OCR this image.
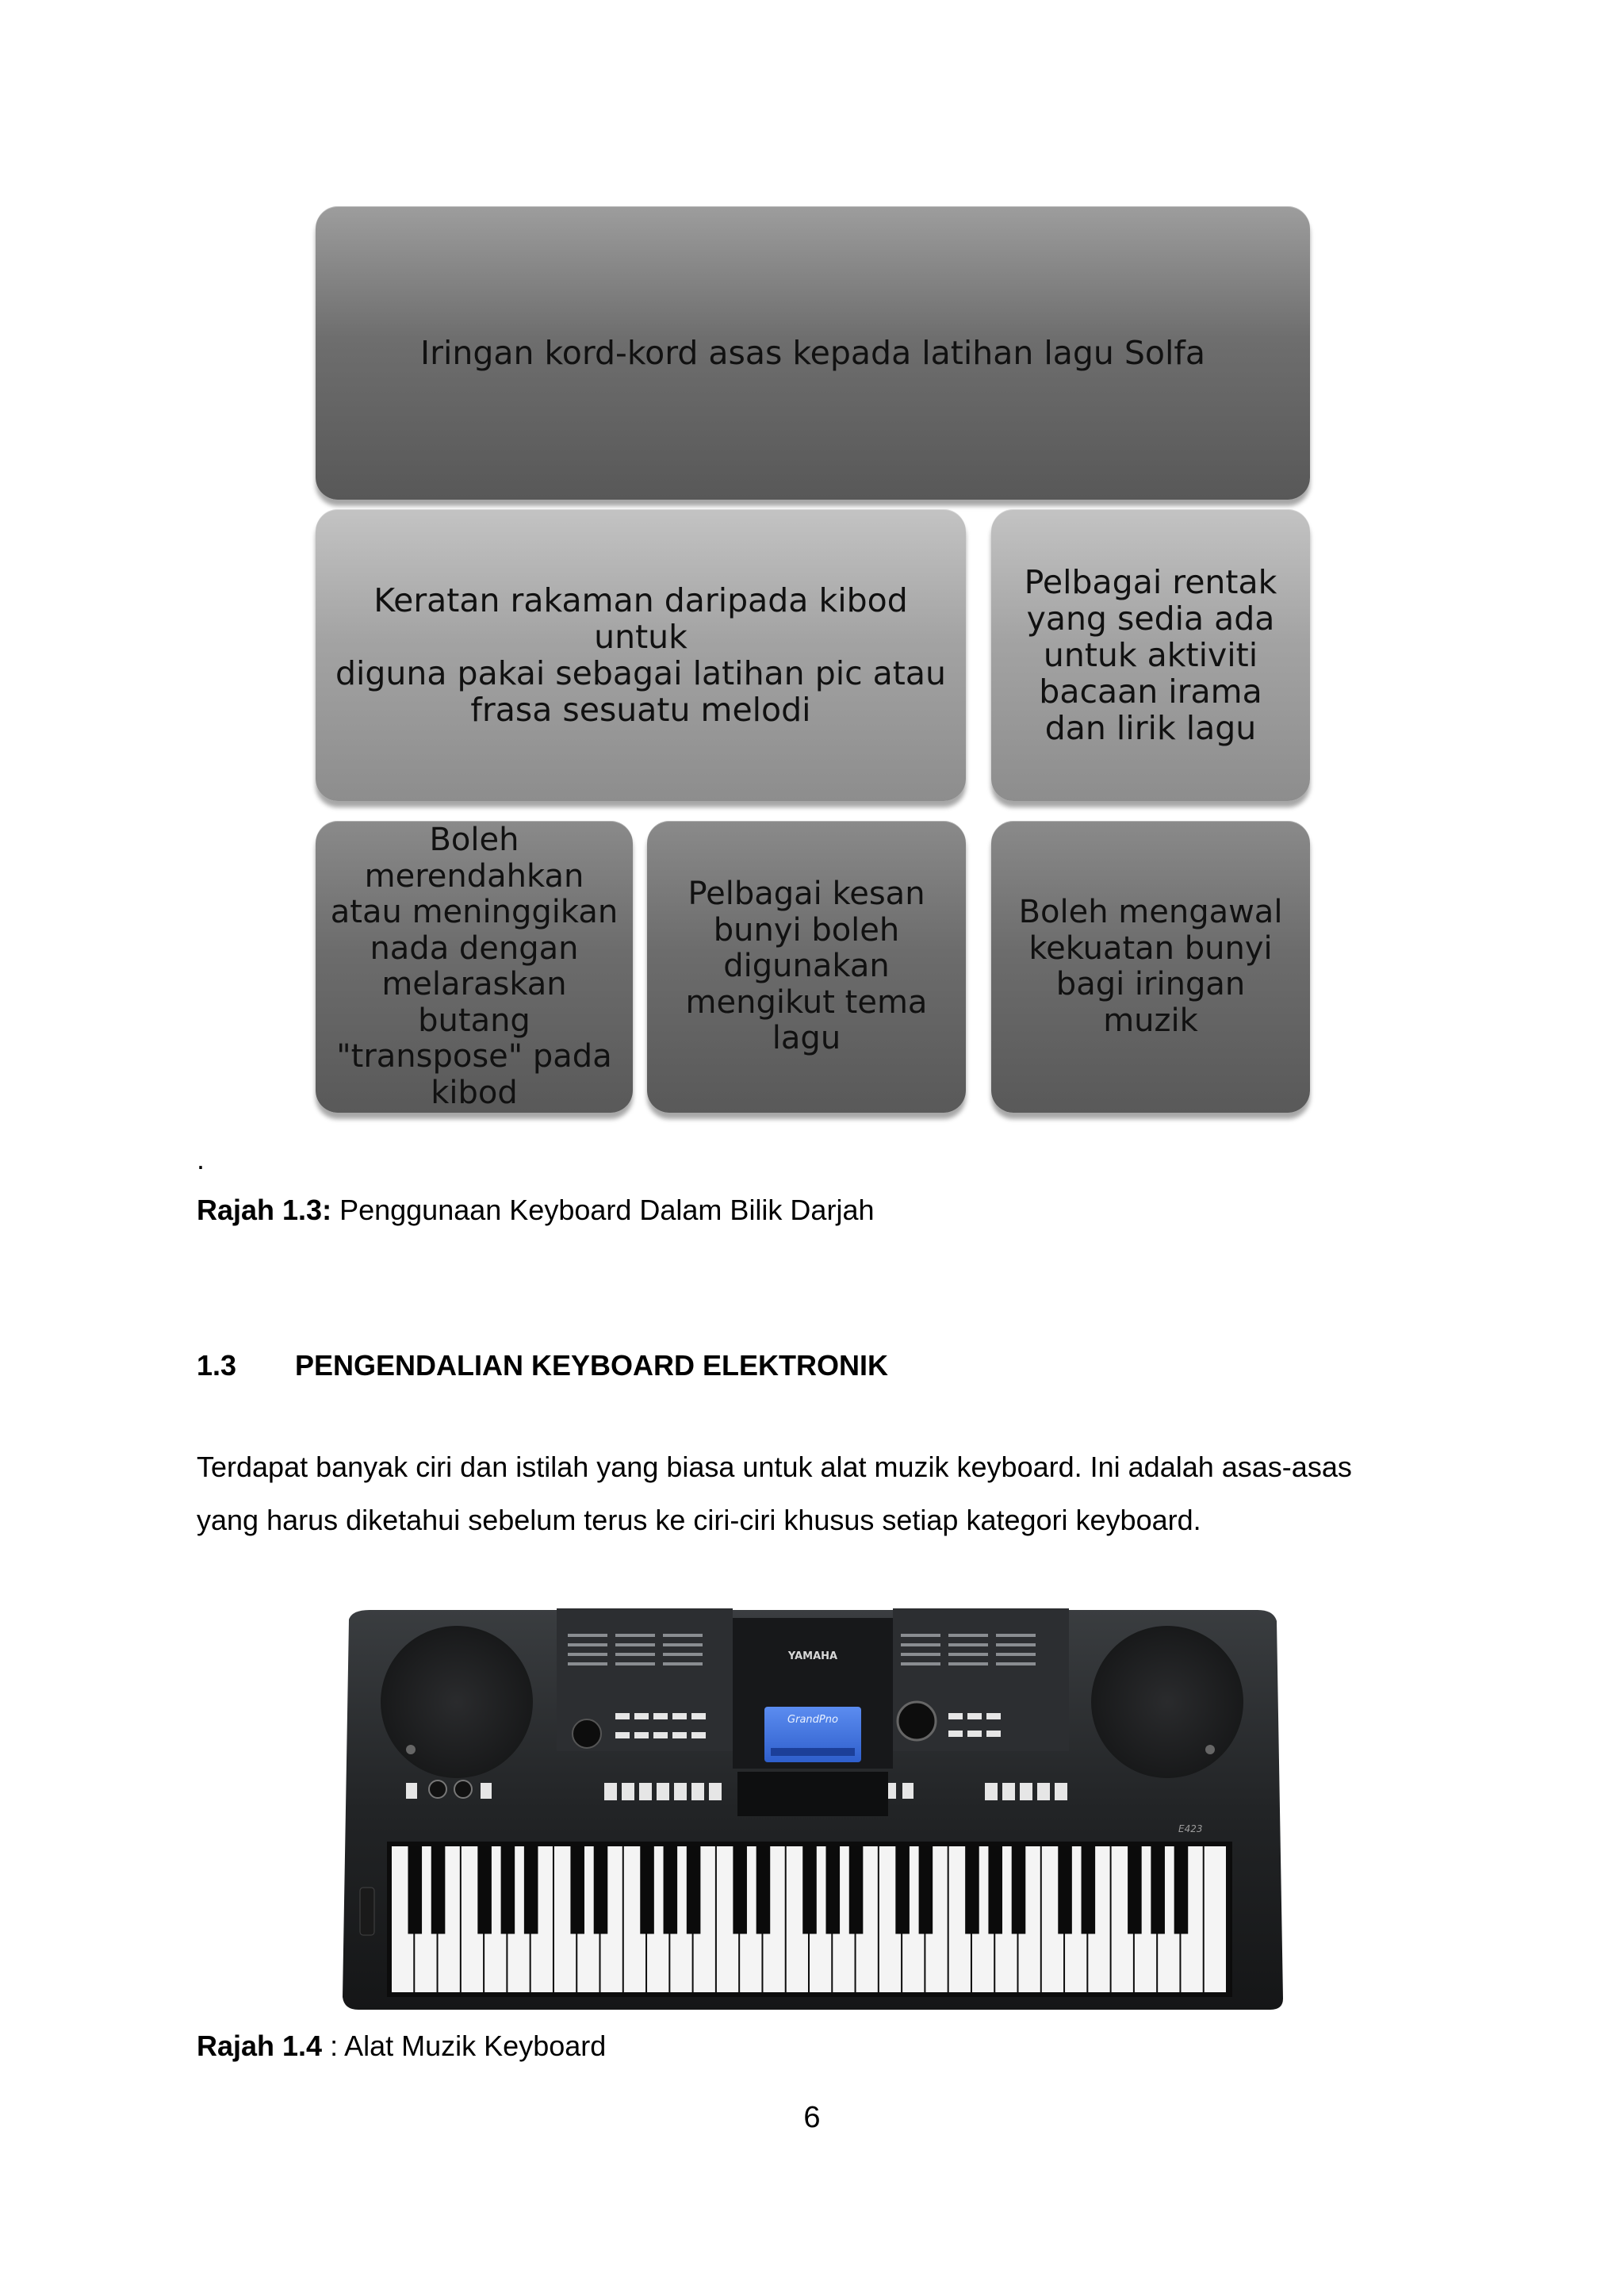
Iringan kord-kord asas kepada latihan lagu Solfa
Keratan rakaman daripada kibod untuk
diguna pakai sebagai latihan pic atau
frasa sesuatu melodi
Pelbagai rentak
yang sedia ada
untuk aktiviti
bacaan irama
dan lirik lagu
Boleh
merendahkan
atau meninggikan
nada dengan
melaraskan
butang
"transpose" pada
kibod
Pelbagai kesan
bunyi boleh
digunakan
mengikut tema
lagu
Boleh mengawal
kekuatan bunyi
bagi iringan
muzik
.
Rajah 1.3: Penggunaan Keyboard Dalam Bilik Darjah
1.3 PENGENDALIAN KEYBOARD ELEKTRONIK
Terdapat banyak ciri dan istilah yang biasa untuk alat muzik keyboard. Ini adalah asas-asas
yang harus diketahui sebelum terus ke ciri-ciri khusus setiap kategori keyboard.
YAMAHA
GrandPno
E423
Rajah 1.4 : Alat Muzik Keyboard
6
